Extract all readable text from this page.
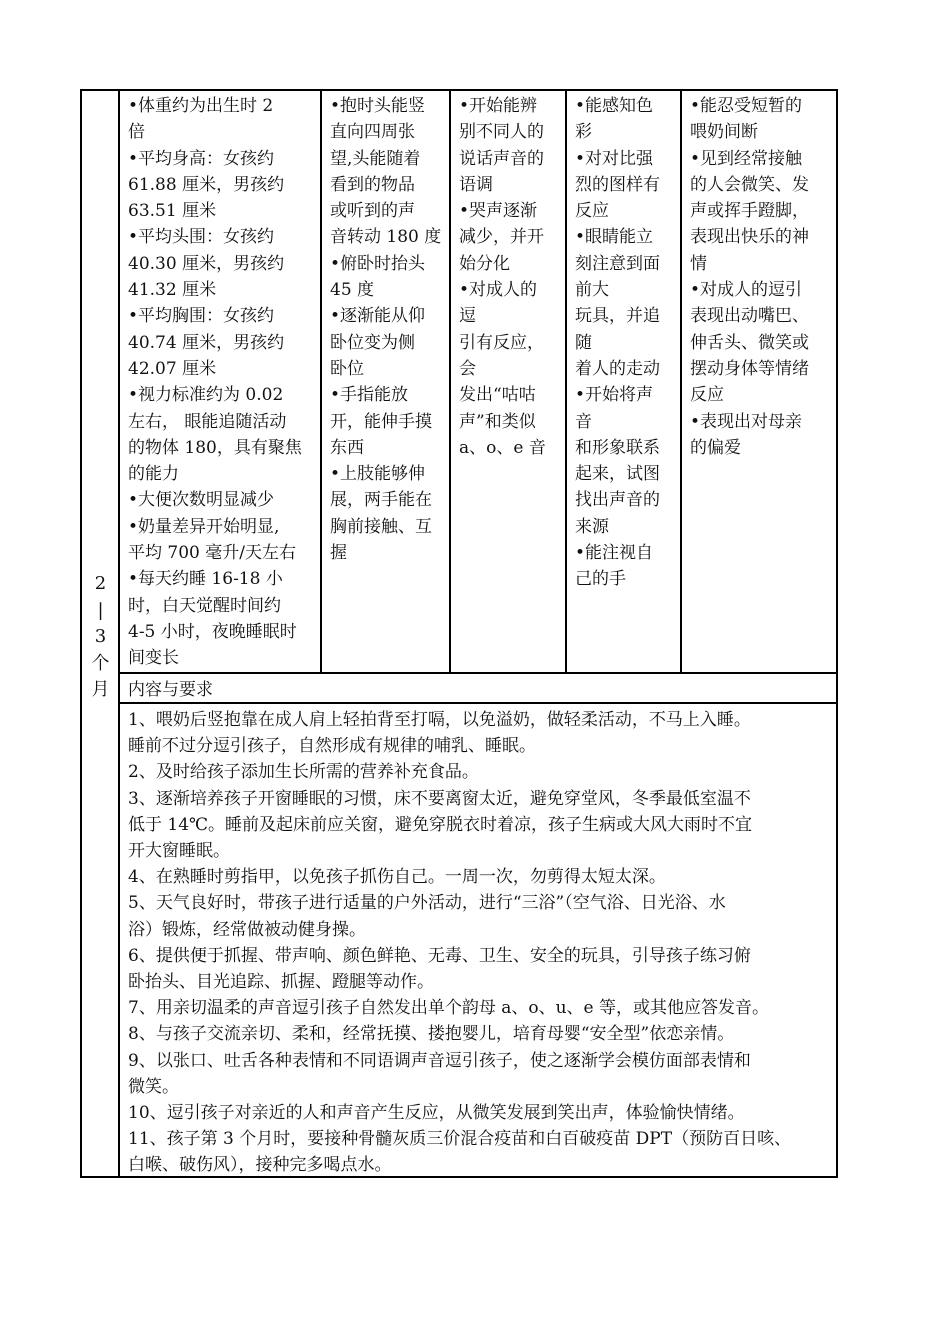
2
|
3
个
月
•体重约为出生时 2
倍
•平均身高：女孩约
61.88 厘米，男孩约
63.51 厘米
•平均头围：女孩约
40.30 厘米，男孩约
41.32 厘米
•平均胸围：女孩约
40.74 厘米，男孩约
42.07 厘米
•视力标准约为 0.02
左右， 眼能追随活动
的物体 180，具有聚焦
的能力
•大便次数明显减少
•奶量差异开始明显,
平均 700 毫升/天左右
•每天约睡 16-18 小
时，白天觉醒时间约
4-5 小时，夜晚睡眠时
间变长
•抱时头能竖
直向四周张
望,头能随着
看到的物品
或听到的声
音转动 180 度
•俯卧时抬头
45 度
•逐渐能从仰
卧位变为侧
卧位
•手指能放
开，能伸手摸
东西
•上肢能够伸
展，两手能在
胸前接触、互
握
•开始能辨
别不同人的
说话声音的
语调
•哭声逐渐
减少，并开
始分化
•对成人的
逗
引有反应，
会
发出“咕咕
声”和类似
a、o、e 音
•能感知色
彩
•对对比强
烈的图样有
反应
•眼睛能立
刻注意到面
前大
玩具，并追
随
着人的走动
•开始将声
音
和形象联系
起来，试图
找出声音的
来源
•能注视自
己的手
•能忍受短暂的
喂奶间断
•见到经常接触
的人会微笑、发
声或挥手蹬脚，
表现出快乐的神
情
•对成人的逗引
表现出动嘴巴、
伸舌头、微笑或
摆动身体等情绪
反应
•表现出对母亲
的偏爱
内容与要求
1、喂奶后竖抱靠在成人肩上轻拍背至打嗝，以免溢奶，做轻柔活动，不马上入睡。
睡前不过分逗引孩子，自然形成有规律的哺乳、睡眠。
2、及时给孩子添加生长所需的营养补充食品。
3、逐渐培养孩子开窗睡眠的习惯，床不要离窗太近，避免穿堂风，冬季最低室温不
低于 14℃。睡前及起床前应关窗，避免穿脱衣时着凉，孩子生病或大风大雨时不宜
开大窗睡眠。
4、在熟睡时剪指甲，以免孩子抓伤自己。一周一次，勿剪得太短太深。
5、天气良好时，带孩子进行适量的户外活动，进行“三浴”（空气浴、日光浴、水
浴）锻炼，经常做被动健身操。
6、提供便于抓握、带声响、颜色鲜艳、无毒、卫生、安全的玩具，引导孩子练习俯
卧抬头、目光追踪、抓握、蹬腿等动作。
7、用亲切温柔的声音逗引孩子自然发出单个韵母 a、o、u、e 等，或其他应答发音。
8、与孩子交流亲切、柔和，经常抚摸、搂抱婴儿，培育母婴“安全型”依恋亲情。
9、以张口、吐舌各种表情和不同语调声音逗引孩子，使之逐渐学会模仿面部表情和
微笑。
10、逗引孩子对亲近的人和声音产生反应，从微笑发展到笑出声，体验愉快情绪。
11、孩子第 3 个月时，要接种骨髓灰质三价混合疫苗和白百破疫苗 DPT（预防百日咳、
白喉、破伤风），接种完多喝点水。
